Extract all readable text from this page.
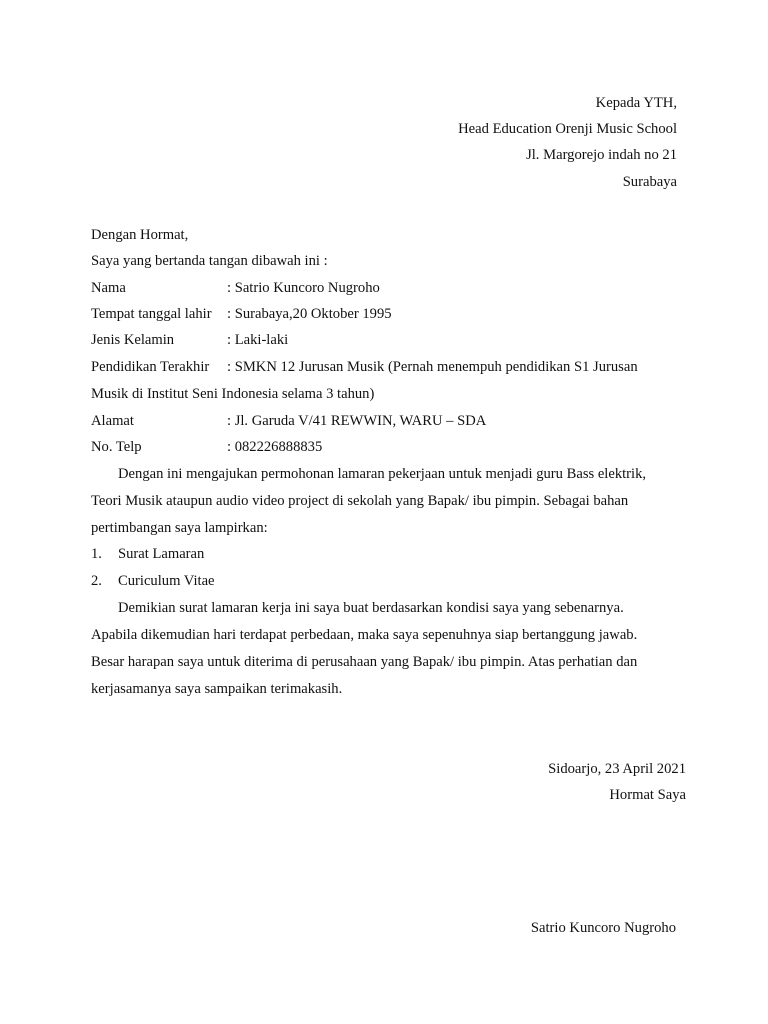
Kepada YTH,
Head Education Orenji Music School
Jl. Margorejo indah no 21
Surabaya
Dengan Hormat,
Saya yang bertanda tangan dibawah ini :
Nama	: Satrio Kuncoro Nugroho
Tempat tanggal lahir : Surabaya,20 Oktober 1995
Jenis Kelamin	: Laki-laki
Pendidikan Terakhir : SMKN 12 Jurusan Musik (Pernah menempuh pendidikan S1 Jurusan
Musik di Institut Seni Indonesia selama 3 tahun)
Alamat	: Jl. Garuda V/41 REWWIN, WARU – SDA
No. Telp	: 082226888835
Dengan ini mengajukan permohonan lamaran pekerjaan untuk menjadi guru Bass elektrik,
Teori Musik ataupun audio video project di sekolah yang Bapak/ ibu pimpin. Sebagai bahan
pertimbangan saya lampirkan:
1. Surat Lamaran
2. Curiculum Vitae
Demikian surat lamaran kerja ini saya buat berdasarkan kondisi saya yang sebenarnya.
Apabila dikemudian hari terdapat perbedaan, maka saya sepenuhnya siap bertanggung jawab.
Besar harapan saya untuk diterima di perusahaan yang Bapak/ ibu pimpin. Atas perhatian dan
kerjasamanya saya sampaikan terimakasih.
Sidoarjo, 23 April 2021
Hormat Saya
Satrio Kuncoro Nugroho
